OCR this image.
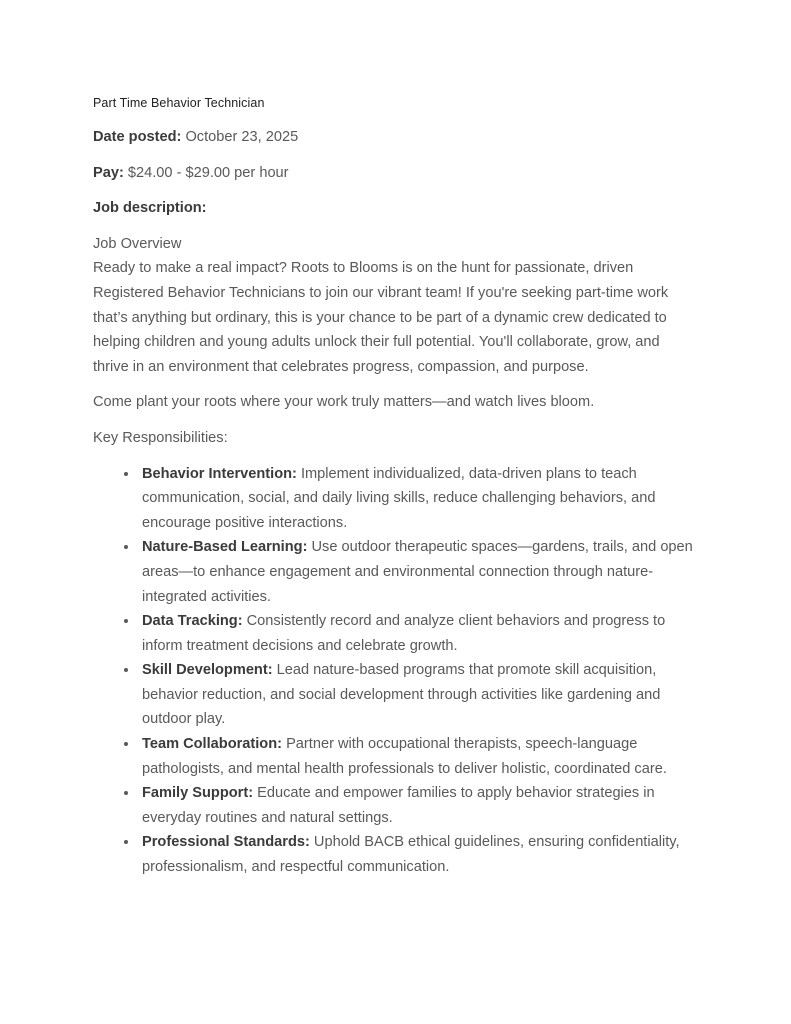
Part Time Behavior Technician

Date posted: October 23, 2025

Pay: $24.00 - $29.00 per hour

Job description:

Job Overview
Ready to make a real impact? Roots to Blooms is on the hunt for passionate, driven Registered Behavior Technicians to join our vibrant team! If you're seeking part-time work that’s anything but ordinary, this is your chance to be part of a dynamic crew dedicated to helping children and young adults unlock their full potential. You'll collaborate, grow, and thrive in an environment that celebrates progress, compassion, and purpose.

Come plant your roots where your work truly matters—and watch lives bloom.

Key Responsibilities:

• Behavior Intervention: Implement individualized, data-driven plans to teach communication, social, and daily living skills, reduce challenging behaviors, and encourage positive interactions.
• Nature-Based Learning: Use outdoor therapeutic spaces—gardens, trails, and open areas—to enhance engagement and environmental connection through nature-integrated activities.
• Data Tracking: Consistently record and analyze client behaviors and progress to inform treatment decisions and celebrate growth.
• Skill Development: Lead nature-based programs that promote skill acquisition, behavior reduction, and social development through activities like gardening and outdoor play.
• Team Collaboration: Partner with occupational therapists, speech-language pathologists, and mental health professionals to deliver holistic, coordinated care.
• Family Support: Educate and empower families to apply behavior strategies in everyday routines and natural settings.
• Professional Standards: Uphold BACB ethical guidelines, ensuring confidentiality, professionalism, and respectful communication.
